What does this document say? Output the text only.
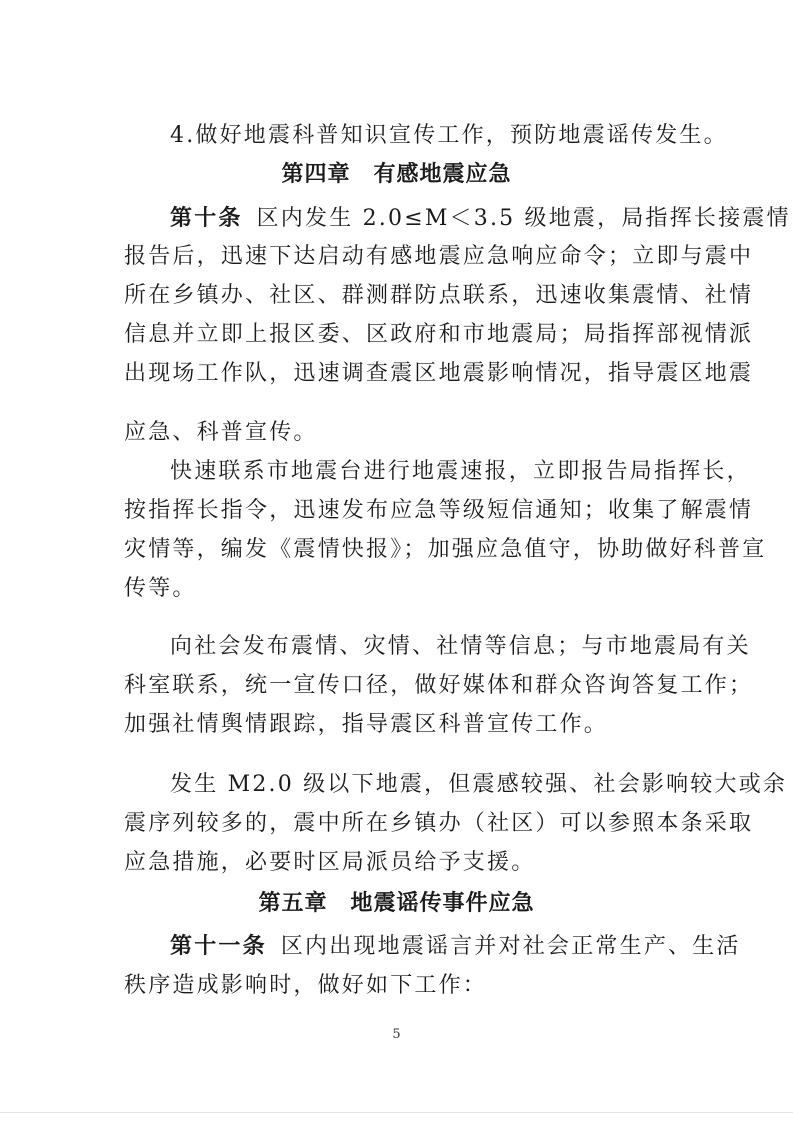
4.做好地震科普知识宣传工作，预防地震谣传发生。
第四章　有感地震应急
第十条 区内发生 2.0≤M＜3.5 级地震，局指挥长接震情
报告后，迅速下达启动有感地震应急响应命令；立即与震中
所在乡镇办、社区、群测群防点联系，迅速收集震情、社情
信息并立即上报区委、区政府和市地震局；局指挥部视情派
出现场工作队，迅速调查震区地震影响情况，指导震区地震
应急、科普宣传。
快速联系市地震台进行地震速报，立即报告局指挥长，
按指挥长指令，迅速发布应急等级短信通知；收集了解震情
灾情等，编发《震情快报》；加强应急值守，协助做好科普宣
传等。
向社会发布震情、灾情、社情等信息；与市地震局有关
科室联系，统一宣传口径，做好媒体和群众咨询答复工作；
加强社情舆情跟踪，指导震区科普宣传工作。
发生 M2.0 级以下地震，但震感较强、社会影响较大或余
震序列较多的，震中所在乡镇办（社区）可以参照本条采取
应急措施，必要时区局派员给予支援。
第五章　地震谣传事件应急
第十一条 区内出现地震谣言并对社会正常生产、生活
秩序造成影响时，做好如下工作：
5
